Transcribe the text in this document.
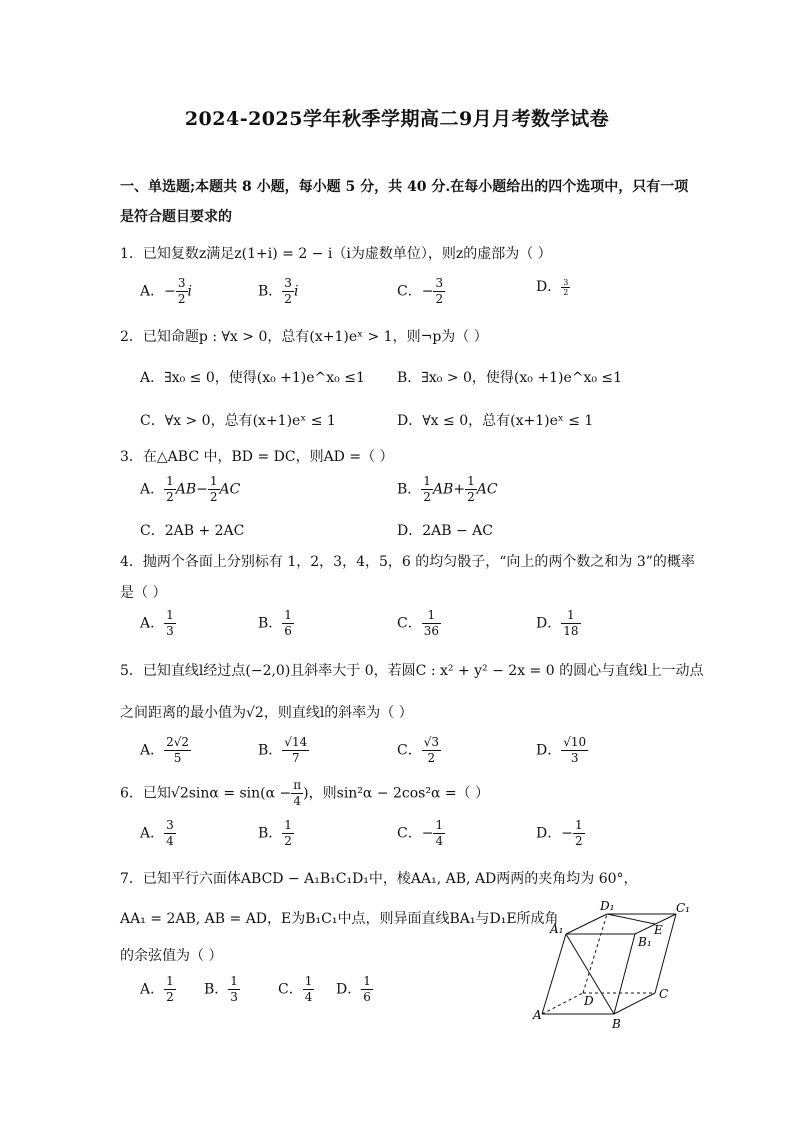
2024-2025学年秋季学期高二9月月考数学试卷
一、单选题;本题共 8 小题，每小题 5 分，共 40 分.在每小题给出的四个选项中，只有一项
是符合题目要求的
1．已知复数z满足z(1+i) = 2 − i（i为虚数单位），则z的虚部为（ ）
A．− $\frac{3}{2}$ i	B． $\frac{3}{2}$ i	C．− $\frac{3}{2}$	D． $\frac{3}{2}$
2．已知命题p : ∀x > 0，总有(x+1)eˣ > 1，则¬p为（ ）
A．∃x₀ ≤ 0，使得(x₀ +1)e^x₀ ≤1 B．∃x₀ > 0，使得(x₀ +1)e^x₀ ≤1
C．∀x > 0，总有(x+1)eˣ ≤ 1	D．∀x ≤ 0，总有(x+1)eˣ ≤ 1
3．在△ABC 中，BD = DC，则AD =（ ）
A． $\frac{1}{2} AB- \frac{1}{2}$ AC	B． $\frac{1}{2} AB+ \frac{1}{2}$ AC
C．2AB + 2AC	D．2AB − AC
4．抛两个各面上分别标有 1，2，3，4，5，6 的均匀骰子，“向上的两个数之和为 3”的概率
是（ ）
A． $\frac{1}{3}$	B． $\frac{1}{6}$	C． $\frac{1}{36}$	D． $\frac{1}{18}$
5．已知直线l经过点(−2,0)且斜率大于 0，若圆C : x² + y² − 2x = 0 的圆心与直线l上一动点
之间距离的最小值为√2，则直线l的斜率为（ ）
A． $\frac{2√2}{5}$	B． $\frac{√14}{7}$	C． $\frac{√3}{2}$	D． $\frac{√10}{3}$
6．已知$√2\sin\alpha = \sin(\alpha - \frac{\pi}{4}$ )，则sin²α − 2cos²α =（ ）
A． $\frac{3}{4}$	B． $\frac{1}{2}$	C．− $\frac{1}{4}$	D．− $\frac{1}{2}$
7．已知平行六面体ABCD − A₁B₁C₁D₁中，棱AA₁, AB, AD两两的夹角均为 60°，
AA₁ = 2AB, AB = AD，E为B₁C₁中点，则异面直线BA₁与D₁E所成角
的余弦值为（ ）
A． $\frac{1}{2}$ B． $\frac{1}{3}$	C． $\frac{1}{4}$ D． $\frac{1}{6}$
A
B
C
D
E
A₁
B₁
C₁
D₁
